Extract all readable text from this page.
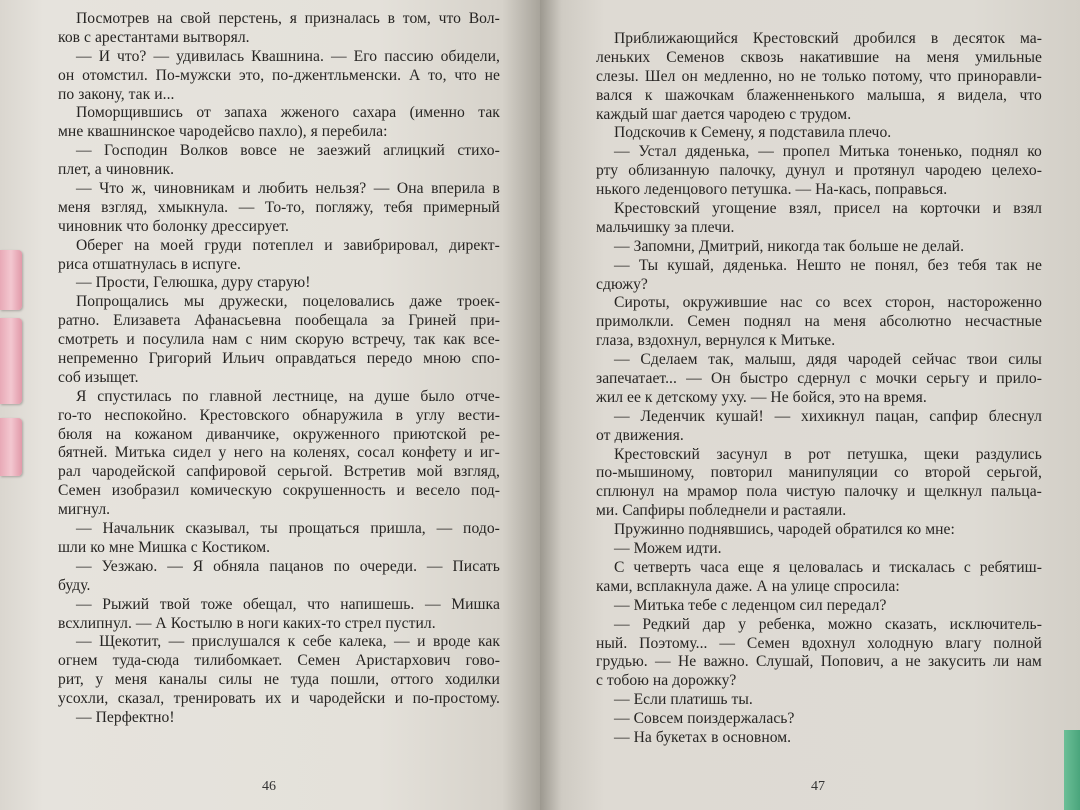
Посмотрев на свой перстень, я призналась в том, что Вол-
ков с арестантами вытворял.
— И что? — удивилась Квашнина. — Его пассию обидели,
он отомстил. По-мужски это, по-джентльменски. А то, что не
по закону, так и...
Поморщившись от запаха жженого сахара (именно так
мне квашнинское чародейсво пахло), я перебила:
— Господин Волков вовсе не заезжий аглицкий стихо-
плет, а чиновник.
— Что ж, чиновникам и любить нельзя? — Она вперила в
меня взгляд, хмыкнула. — То-то, погляжу, тебя примерный
чиновник что болонку дрессирует.
Оберег на моей груди потеплел и завибрировал, директ-
риса отшатнулась в испуге.
— Прости, Гелюшка, дуру старую!
Попрощались мы дружески, поцеловались даже троек-
ратно. Елизавета Афанасьевна пообещала за Гриней при-
смотреть и посулила нам с ним скорую встречу, так как все-
непременно Григорий Ильич оправдаться передо мною спо-
соб изыщет.
Я спустилась по главной лестнице, на душе было отче-
го-то неспокойно. Крестовского обнаружила в углу вести-
бюля на кожаном диванчике, окруженного приютской ре-
бятней. Митька сидел у него на коленях, сосал конфету и иг-
рал чародейской сапфировой серьгой. Встретив мой взгляд,
Семен изобразил комическую сокрушенность и весело под-
мигнул.
— Начальник сказывал, ты прощаться пришла, — подо-
шли ко мне Мишка с Костиком.
— Уезжаю. — Я обняла пацанов по очереди. — Писать
буду.
— Рыжий твой тоже обещал, что напишешь. — Мишка
всхлипнул. — А Костылю в ноги каких-то стрел пустил.
— Щекотит, — прислушался к себе калека, — и вроде как
огнем туда-сюда тилибомкает. Семен Аристархович гово-
рит, у меня каналы силы не туда пошли, оттого ходилки
усохли, сказал, тренировать их и чародейски и по-простому.
— Перфектно!
46
Приближающийся Крестовский дробился в десяток ма-
леньких Семенов сквозь накатившие на меня умильные
слезы. Шел он медленно, но не только потому, что приноравли-
вался к шажочкам блаженненького малыша, я видела, что
каждый шаг дается чародею с трудом.
Подскочив к Семену, я подставила плечо.
— Устал дяденька, — пропел Митька тоненько, поднял ко
рту облизанную палочку, дунул и протянул чародею целехо-
нького леденцового петушка. — На-кась, поправься.
Крестовский угощение взял, присел на корточки и взял
мальчишку за плечи.
— Запомни, Дмитрий, никогда так больше не делай.
— Ты кушай, дяденька. Нешто не понял, без тебя так не
сдюжу?
Сироты, окружившие нас со всех сторон, настороженно
примолкли. Семен поднял на меня абсолютно несчастные
глаза, вздохнул, вернулся к Митьке.
— Сделаем так, малыш, дядя чародей сейчас твои силы
запечатает... — Он быстро сдернул с мочки серьгу и прило-
жил ее к детскому уху. — Не бойся, это на время.
— Леденчик кушай! — хихикнул пацан, сапфир блеснул
от движения.
Крестовский засунул в рот петушка, щеки раздулись
по-мышиному, повторил манипуляции со второй серьгой,
сплюнул на мрамор пола чистую палочку и щелкнул пальца-
ми. Сапфиры побледнели и растаяли.
Пружинно поднявшись, чародей обратился ко мне:
— Можем идти.
С четверть часа еще я целовалась и тискалась с ребятиш-
ками, всплакнула даже. А на улице спросила:
— Митька тебе с леденцом сил передал?
— Редкий дар у ребенка, можно сказать, исключитель-
ный. Поэтому... — Семен вдохнул холодную влагу полной
грудью. — Не важно. Слушай, Попович, а не закусить ли нам
с тобою на дорожку?
— Если платишь ты.
— Совсем поиздержалась?
— На букетах в основном.
47
